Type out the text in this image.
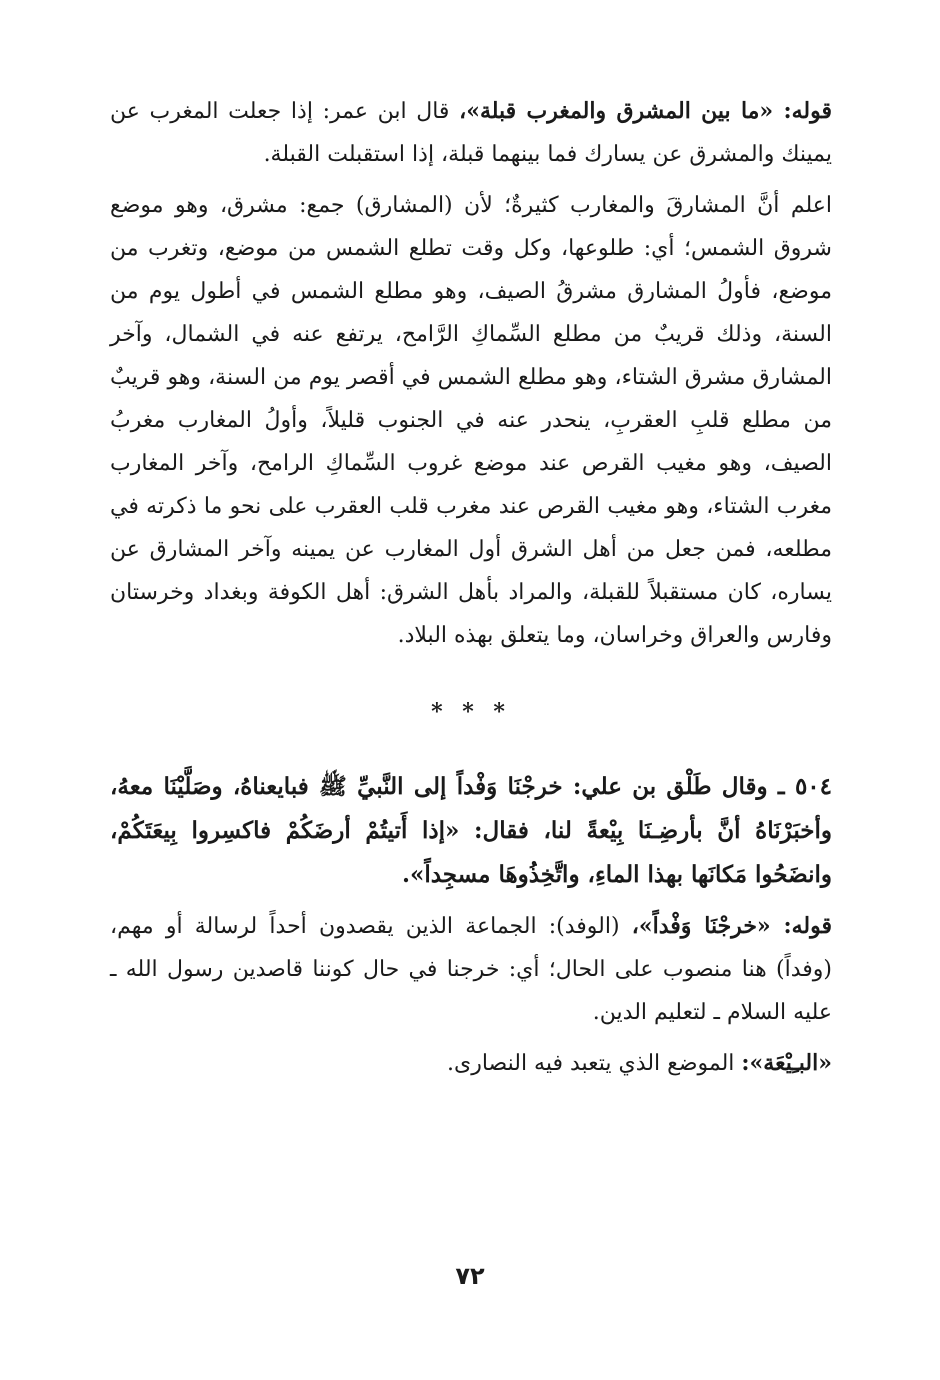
قوله: «ما بين المشرق والمغرب قبلة»، قال ابن عمر: إذا جعلت المغرب عن يمينك والمشرق عن يسارك فما بينهما قبلة، إذا استقبلت القبلة.

اعلم أنَّ المشارقَ والمغارب كثيرةٌ؛ لأن (المشارق) جمع: مشرق، وهو موضع شروق الشمس؛ أي: طلوعها، وكل وقت تطلع الشمس من موضع، وتغرب من موضع، فأولُ المشارق مشرقُ الصيف، وهو مطلع الشمس في أطول يوم من السنة، وذلك قريبٌ من مطلع السِّماكِ الرَّامح، يرتفع عنه في الشمال، وآخر المشارق مشرق الشتاء، وهو مطلع الشمس في أقصر يوم من السنة، وهو قريبٌ من مطلع قلبِ العقربِ، ينحدر عنه في الجنوب قليلاً، وأولُ المغارب مغربُ الصيف، وهو مغيب القرص عند موضع غروب السِّماكِ الرامح، وآخر المغارب مغرب الشتاء، وهو مغيب القرص عند مغرب قلب العقرب على نحو ما ذكرته في مطلعه، فمن جعل من أهل الشرق أول المغارب عن يمينه وآخر المشارق عن يساره، كان مستقبلاً للقبلة، والمراد بأهل الشرق: أهل الكوفة وبغداد وخرستان وفارس والعراق وخراسان، وما يتعلق بهذه البلاد.

* * *

٥٠٤ ـ وقال طَلْق بن علي: خرجْنَا وَفْداً إلى النَّبيِّ ﷺ فبايعناهُ، وصَلَّيْنَا معهُ، وأخبَرْنَاهُ أنَّ بأرضِـنَا بِيْعةً لنا، فقال: «إذا أَتيتُمْ أرضَكُمْ فاكسِروا بِيعَتَكُمْ، وانضَحُوا مَكانَها بهذا الماءِ، واتَّخِذُوهَا مسجِداً».

قوله: «خرجْنَا وَفْداً»، (الوفد): الجماعة الذين يقصدون أحداً لرسالة أو مهم، (وفداً) هنا منصوب على الحال؛ أي: خرجنا في حال كوننا قاصدين رسول الله ـ عليه السلام ـ لتعليم الدين.

«البـِيْعَة»: الموضع الذي يتعبد فيه النصارى.

٧٢
